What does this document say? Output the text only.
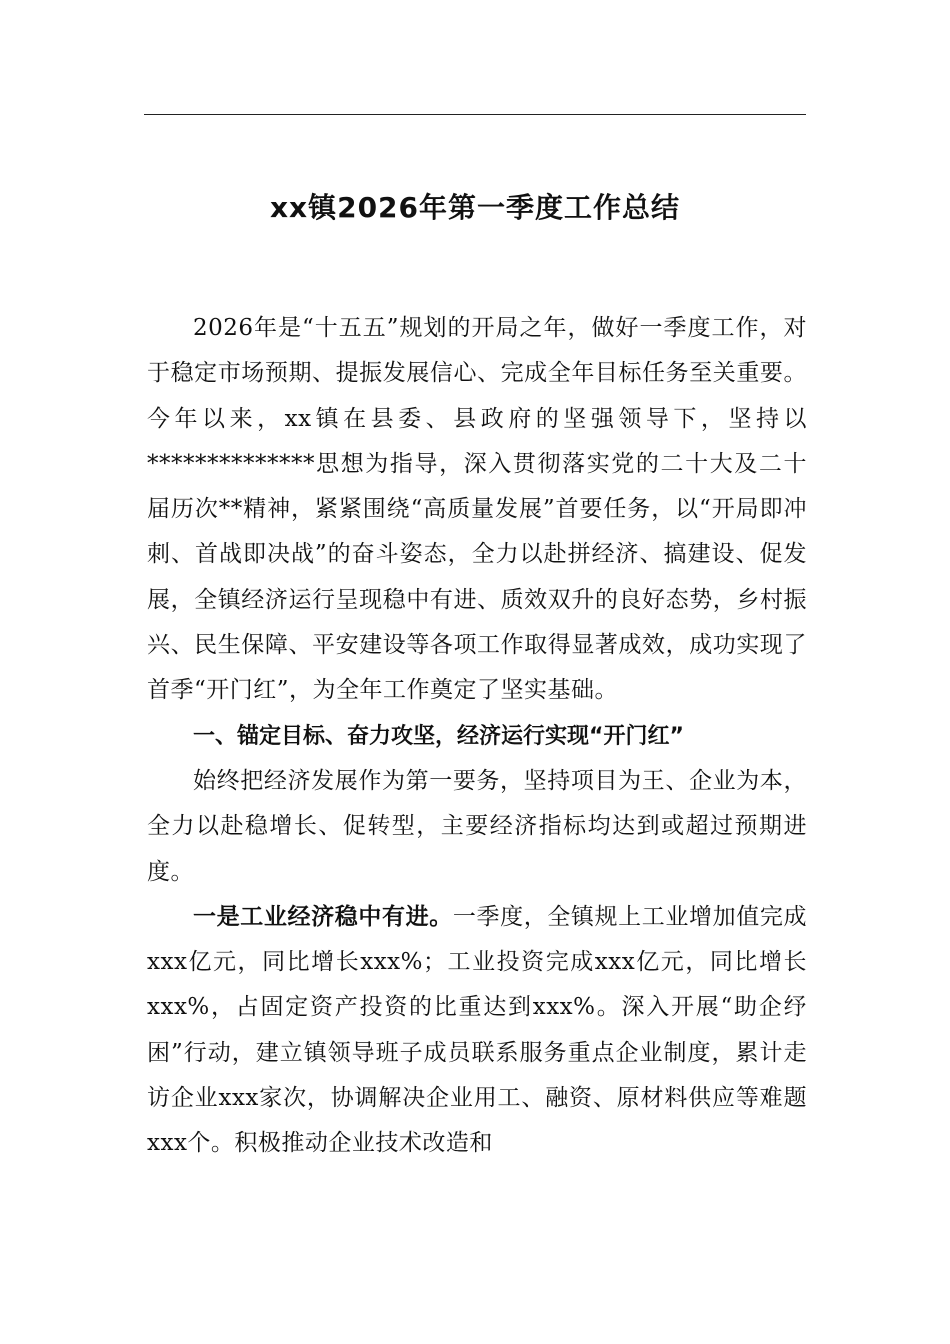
xx镇2026年第一季度工作总结

2026年是“十五五”规划的开局之年，做好一季度工作，对于稳定市场预期、提振发展信心、完成全年目标任务至关重要。今年以来，xx镇在县委、县政府的坚强领导下，坚持以**************思想为指导，深入贯彻落实党的二十大及二十届历次**精神，紧紧围绕“高质量发展”首要任务，以“开局即冲刺、首战即决战”的奋斗姿态，全力以赴拼经济、搞建设、促发展，全镇经济运行呈现稳中有进、质效双升的良好态势，乡村振兴、民生保障、平安建设等各项工作取得显著成效，成功实现了首季“开门红”，为全年工作奠定了坚实基础。

一、锚定目标、奋力攻坚，经济运行实现“开门红”

始终把经济发展作为第一要务，坚持项目为王、企业为本，全力以赴稳增长、促转型，主要经济指标均达到或超过预期进度。

一是工业经济稳中有进。一季度，全镇规上工业增加值完成xxx亿元，同比增长xxx%；工业投资完成xxx亿元，同比增长xxx%，占固定资产投资的比重达到xxx%。深入开展“助企纾困”行动，建立镇领导班子成员联系服务重点企业制度，累计走访企业xxx家次，协调解决企业用工、融资、原材料供应等难题xxx个。积极推动企业技术改造和
